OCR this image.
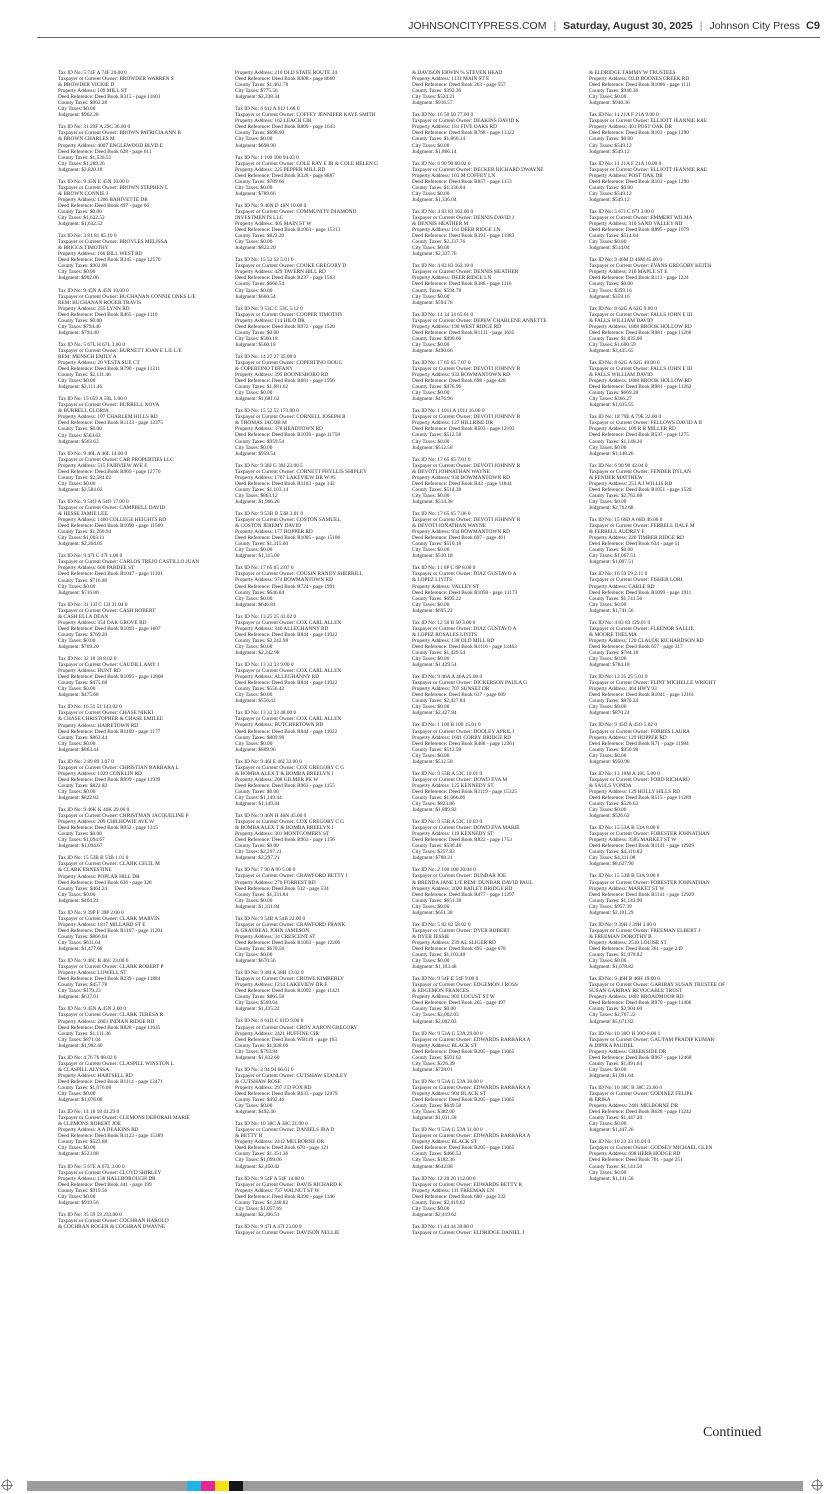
JOHNSONCITYPRESS.COM | Saturday, August 30, 2025 | Johnson City Press C9
Tax ID No: 5 74F A 74F 20.00 0
Taxpayer or Current Owner: BROWDER WARREN S
& BROWDER VICKIE D
Property Address: 109 MILL ST
Deed Reference: Deed Book R315 - page 11603
County Taxes: $962.28
City Taxes: $0.00
Judgment: $962.28
Tax ID No: 31 29F A 29C 36.00 0
Taxpayer or Current Owner: BROWN PATRICIA ANN B
& BROWN CHARLES M
Property Address: 4007 ENGLEWOOD BLVD E
Deed Reference: Deed Book 628 - page 611
County Taxes: $1,530.52
City Taxes: $1,289.26
Judgment: $2,820.18
Tax ID No: 9 45N E 45N 10.00 0
Taxpayer or Current Owner: BROWN STEPHEN L
& BROWN CONNIE J
Property Address: 1206 BAHIVETTE DR
Deed Reference: Deed Book 497 - page 66
County Taxes: $0.00
City Taxes: $1,632.52
Judgment: $1,632.52
Tax ID No: 3 81 81 85.10 0
Taxpayer or Current Owner: BROYLES MELISSA
& BRIGGS TIMOTHY
Property Address: 160 BILL WEST RD
Deed Reference: Deed Book R345 - page 12570
County Taxes: $902.06
City Taxes: $0.00
Judgment: $902.06
Tax ID No: 9 45N A 45N 10.00 0
Taxpayer or Current Owner: BUCHANAN CONNIE ONKS L/E
REM: BUCHANAN ROGER TRAVIS
Property Address: 255 LYNN RD
Deed Reference: Deed Book R465 - page 1110
County Taxes: $0.00
City Taxes: $794.40
Judgment: $794.40
Tax ID No: 5 67L H 67L 3.00 0
Taxpayer or Current Owner: BURNETT JOAN E L/E L/E
REM: MENSCH EMILY A
Property Address: 20 VESTA SUE CT
Deed Reference: Deed Book R790 - page 11311
County Taxes: $2,111.46
City Taxes: $0.00
Judgment: $2,111.46
Tax ID No: 15 059 A 59L 1.00 0
Taxpayer or Current Owner: BURRELL NOVA
& BURRELL GLORIA
Property Address: 107 CHARLEM HILLS RD
Deed Reference: Deed Book R1133 - page 12375
County Taxes: $0.00
City Taxes: $563.63
Judgment: $563.63
Tax ID No: 9 46L A 46L 14.00 0
Taxpayer or Current Owner: CAB PROPERTIES LLC
Property Address: 515 FAIRVIEW AVE E
Deed Reference: Deed Book R969 - page 12770
County Taxes: $2,584.02
City Taxes: $0.00
Judgment: $2,584.02
Tax ID No: 9 54O A 54O 17.00 0
Taxpayer or Current Owner: CAMPBELL DAVID
& HESSE JAMIE LEE
Property Address: 1400 COLLEGE HEIGHTS RD
Deed Reference: Deed Book R1090 - page 11560
County Taxes: $1,260.94
City Taxes: $1,003.11
Judgment: $2,264.05
Tax ID No: 9 47I C 47I 1.00 0
Taxpayer or Current Owner: CARLOS TREJO CASTILLO JUAN
Property Address: 600 PARDEE ST
Deed Reference: Deed Book R1047 - page 11101
County Taxes: $716.80
City Taxes: $0.00
Judgment: $716.80
Tax ID No: 31 13I C 13I 31.04 0
Taxpayer or Current Owner: CASH ROBERT
& CASH ELLA DEAN
Property Address: 354 OAK GROVE RD
Deed Reference: Deed Book R1093 - page 1607
County Taxes: $769.20
City Taxes: $0.00
Judgment: $769.20
Tax ID No: 32 18 18 8.02 0
Taxpayer or Current Owner: CAUDILL AMY J
Property Address: HUNT RD
Deed Reference: Deed Book R1095 - page 12808
County Taxes: $475.68
City Taxes: $0.00
Judgment: $475.68
Tax ID No: 16 51 51 143.02 0
Taxpayer or Current Owner: CHASE NIKKI
& CHASE CHRISTOPHER & CHASE EMILEE
Property Address: HAIRETOWN RD
Deed Reference: Deed Book R1109 - page 1177
County Taxes: $863.44
City Taxes: $0.00
Judgment: $863.44
Tax ID No: 2 89 89 3.07 0
Taxpayer or Current Owner: CHRISTIAN BARBARA L
Property Address: 1029 CONKLIN RD
Deed Reference: Deed Book R999 - page 11939
County Taxes: $822.82
City Taxes: $0.00
Judgment: $822.82
Tax ID No: 9 46K K 46K 29.00 0
Taxpayer or Current Owner: CHRISTMAN JACQUELINE P
Property Address: 209 CHILHOWIE AVE W
Deed Reference: Deed Book R952 - page 1315
County Taxes: $0.00
City Taxes: $1,094.67
Judgment: $1,094.67
Tax ID No: 15 53B B 53B 1.01 0
Taxpayer or Current Owner: CLARK CECIL M
& CLARK ERNESTINE
Property Address: POPLAR HILL DR
Deed Reference: Deed Book 636 - page 328
County Taxes: $464.24
City Taxes: $0.00
Judgment: $464.24
Tax ID No: 9 39P F 39P 2.00 0
Taxpayer or Current Owner: CLARK MARVIN
Property Address: 1817 MILLARD ST E
Deed Reference: Deed Book R1107 - page 11201
County Taxes: $866.04
City Taxes: $611.64
Judgment: $1,477.68
Tax ID No: 9 46C B 46C 23.00 0
Taxpayer or Current Owner: CLARK ROBERT P
Property Address: LOWELL ST
Deed Reference: Deed Book R239 - page 11884
County Taxes: $457.78
City Taxes: $179.23
Judgment: $637.01
Tax ID No: 9 45N A 45N 2.00 0
Taxpayer or Current Owner: CLARK TERESA R
Property Address: 2603 INDIAN RIDGE RD
Deed Reference: Deed Book R828 - page 11635
County Taxes: $1,111.36
City Taxes: $871.04
Judgment: $1,982.40
Tax ID No: 4 76 76 88.02 0
Taxpayer or Current Owner: CLASPILL WINSTON L
& CLASPILL ALYSSA
Property Address: HARTSELL RD
Deed Reference: Deed Book R1114 - page 13471
County Taxes: $1,076.08
City Taxes: $0.00
Judgment: $1,076.08
Tax ID No: 14 18 18 43.29 0
Taxpayer or Current Owner: CLEMONS DEBORAH MARIE
& CLEMONS ROBERT JOE
Property Address: A A DEAKINS RD
Deed Reference: Deed Book R1122 - page 15389
County Taxes: $523.88
City Taxes: $0.00
Judgment: $523.88
Tax ID No: 5 67E A 67L 3.00 0
Taxpayer or Current Owner: CLOYD SHIRLEY
Property Address: 138 HALLBOROUGH DR
Deed Reference: Deed Book 441 - page 199
County Taxes: $919.56
City Taxes: $0.00
Judgment: $919.56
Tax ID No: 35 59 59 233.00 0
Taxpayer or Current Owner: COCHRAN HAROLD
& COCHRAN ROGER & COCHRAN DWAYNE
Property Address: 210 OLD STATE ROUTE 34
Deed Reference: Deed Book R408 - page 8660
County Taxes: $1,462.78
City Taxes: $775.56
Judgment: $2,238.34
Tax ID No: 6 61J A 61J 1.68 0
Taxpayer or Current Owner: COFFEY JENNIFER KAYE SMITH
Property Address: 162 LEACH CIR
Deed Reference: Deed Book R809 - page 1643
County Taxes: $698.90
City Taxes: $0.00
Judgment: $698.90
Tax ID No: 1 100 100 94.03 0
Taxpayer or Current Owner: COLE RAY E JR & COLE HELEN G
Property Address: 225 PEPPER MILL RD
Deed Reference: Deed Book R328 - page 8887
County Taxes: $789.66
City Taxes: $0.00
Judgment: $789.66
Tax ID No: 9 46N D 46N 10.00 0
Taxpayer or Current Owner: COMMUNITY DIAMOND
INVESTMENTS LLC
Property Address: 405 MAIN ST W
Deed Reference: Deed Book R1063 - page 15313
County Taxes: $822.20
City Taxes: $0.00
Judgment: $822.20
Tax ID No: 15 52 52 5.01 0
Taxpayer or Current Owner: COOKE GREGORY D
Property Address: 429 TAVERN HILL RD
Deed Reference: Deed Book R237 - page 1563
County Taxes: $660.54
City Taxes: $0.00
Judgment: $660.54
Tax ID No: 9 53C C 53C 5.12 0
Taxpayer or Current Owner: COOPER TIMOTHY
Property Address: 114 HILO DR
Deed Reference: Deed Book R972 - page 1520
County Taxes: $0.00
City Taxes: $560.18
Judgment: $560.18
Tax ID No: 14 27 27 35.08 0
Taxpayer or Current Owner: COPERTINO DOUG
& COPERTINO TIFFANY
Property Address: 395 BOONESBORO RD
Deed Reference: Deed Book R681 - page 1956
County Taxes: $1,681.62
City Taxes: $0.00
Judgment: $1,681.62
Tax ID No: 15 52 52 173.00 0
Taxpayer or Current Owner: CORNELL JOSEPH R
& THOMAS JACOB M
Property Address: 378 HEADTOWN RD
Deed Reference: Deed Book R1030 - page 11758
County Taxes: $959.54
City Taxes: $0.00
Judgment: $959.54
Tax ID No: 9 38J G 38J 23.00 5
Taxpayer or Current Owner: CORNETT PHYLLIS SHIPLEY
Property Address: 1707 LAKEVIEW DR W #5
Deed Reference: Deed Book R1103 - page 142
County Taxes: $1,103.14
City Taxes: $863.12
Judgment: $1,966.26
Tax ID No: 9 53B D 53B 3.01 0
Taxpayer or Current Owner: COSTON SAMUEL
& COSTON JEREMY DAVID
Property Address: 177 HOPPER RD
Deed Reference: Deed Book R1085 - page 15106
County Taxes: $1,315.00
City Taxes: $0.00
Judgment: $1,315.00
Tax ID No: 17 65 65 2.07 0
Taxpayer or Current Owner: COUSIN RANDY SHERRILL
Property Address: 974 BOWMANTOWN RD
Deed Reference: Deed Book R724 - page 1991
County Taxes: $646.84
City Taxes: $0.00
Judgment: $646.84
Tax ID No: 13 25 25 43.02 0
Taxpayer or Current Owner: COX CARL ALLEN
Property Address: 346 ALLEGHANNY RD
Deed Reference: Deed Book R844 - page 11022
County Taxes: $2,242.98
City Taxes: $0.00
Judgment: $2,242.98
Tax ID No: 13 33 33 9.00 0
Taxpayer or Current Owner: COX CARL ALLEN
Property Address: ALLEGHANNY RD
Deed Reference: Deed Book R844 - page 11022
County Taxes: $556.42
City Taxes: $0.00
Judgment: $556.42
Tax ID No: 13 33 33 48.00 0
Taxpayer or Current Owner: COX CARL ALLEN
Property Address: BUTCHERTOWN RD
Deed Reference: Deed Book R844 - page 11022
County Taxes: $809.96
City Taxes: $0.00
Judgment: $809.96
Tax ID No: 9 46I E 46J 32.00 0
Taxpayer or Current Owner: COX GREGORY C G
& BOMBA ALEX T & BOMBA BREELYN J
Property Address: 208 GILMER PK W
Deed Reference: Deed Book R963 - page 1155
County Taxes: $0.00
City Taxes: $1,149.44
Judgment: $1,149.44
Tax ID No: 9 46N H 46N 45.00 0
Taxpayer or Current Owner: COX GREGORY C G
& BOMBA ALEX T & BOMBA BREELYN J
Property Address: 301 MONTGOMERY ST
Deed Reference: Deed Book R963 - page 1156
County Taxes: $0.00
City Taxes: $2,297.21
Judgment: $2,297.21
Tax ID No: 7 90 A 90 5.00 0
Taxpayer or Current Owner: CRAWFORD BETTY J
Property Address: 270 FORREST RD
Deed Reference: Deed Book 532 - page 534
County Taxes: $1,331.84
City Taxes: $0.00
Judgment: $1,331.84
Tax ID No: 9 54B A 54B 22.00 0
Taxpayer or Current Owner: CRAWFORD FRANK
& GRAYBEAL JOHN JAMESON
Property Address: 34 CRESCENT ST
Deed Reference: Deed Book R1063 - page 12206
County Taxes: $670.56
City Taxes: $0.00
Judgment: $670.56
Tax ID No: 9 38I A 38H 13.02 0
Taxpayer or Current Owner: CROWE KIMBERLY
Property Address: 1214 LAKEVIEW DR E
Deed Reference: Deed Book R1092 - page 11421
County Taxes: $865.58
City Taxes: $569.64
Judgment: $1,435.22
Tax ID No: 6 61D C 61D 9.00 0
Taxpayer or Current Owner: CROY AARON GREGORY
Property Address: 2421 HUFFINE CIR
Deed Reference: Deed Book WB119 - page 103
County Taxes: $1,038.66
City Taxes: $793.94
Judgment: $1,832.60
Tax ID No: 2 94 94 66.01 0
Taxpayer or Current Owner: CUTSHAW STANLEY
& CUTSHAW ROSE
Property Address: 297 J D FOX RD
Deed Reference: Deed Book R633 - page 12079
County Taxes: $492.46
City Taxes: $0.00
Judgment: $492.46
Tax ID No: 10 38C A 38C 21.00 0
Taxpayer or Current Owner: DANIELS IRA D
& BETTY H
Property Address: 2412 MELBORNE DR
Deed Reference: Deed Book 670 - page 121
County Taxes: $1,351.36
City Taxes: $1,099.06
Judgment: $2,450.42
Tax ID No: 9 54F A 54F 14.00 0
Taxpayer or Current Owner: DAVIS RICHARD K
Property Address: 737 WALNUT ST W
Deed Reference: Deed Book R390 - page 1146
County Taxes: $1,248.82
City Taxes: $1,057.69
Judgment: $2,306.51
Tax ID No: 9 47I A 47I 23.00 0
Taxpayer or Current Owner: DAVISON NELLIE
& DAVISON ERWIN % STEVEN HEAD
Property Address: 1131 MAIN ST E
Deed Reference: Deed Book 263 - page 557
County Taxes: $392.36
City Taxes: $524.21
Judgment: $916.57
Tax ID No: 16 50 50 77.00 0
Taxpayer or Current Owner: DEAKINS DAVID K
Property Address: 181 FIVE OAKS RD
Deed Reference: Deed Book R768 - page 11322
County Taxes: $1,866.14
City Taxes: $0.00
Judgment: $1,866.14
Tax ID No: 6 90 90 60.02 0
Taxpayer or Current Owner: DECKER RICHARD DWAYNE
Property Address: 103 M COFFEY LN
Deed Reference: Deed Book R857 - page 1153
County Taxes: $1,336.04
City Taxes: $0.00
Judgment: $1,336.04
Tax ID No: 4 83 83 162.00 0
Taxpayer or Current Owner: DENNIS DAVID J
& DENNIS HEATHER M
Property Address: 161 DEER RIDGE LN
Deed Reference: Deed Book R391 - page 11983
County Taxes: $2,337.76
City Taxes: $0.00
Judgment: $2,337.76
Tax ID No: 4 83 83 162.10 0
Taxpayer or Current Owner: DENNIS HEATHER
Property Address: DEER RIDGE LN
Deed Reference: Deed Book R388 - page 1116
County Taxes: $594.78
City Taxes: $0.00
Judgment: $594.78
Tax ID No: 14 34 34 65.01 0
Taxpayer or Current Owner: DEPEW CHARLENE ANNETTE
Property Address: 190 WEST RIDGE RD
Deed Reference: Deed Book R1131 - page 1635
County Taxes: $490.66
City Taxes: $0.00
Judgment: $490.66
Tax ID No: 17 65 65 7.07 0
Taxpayer or Current Owner: DEVOTI JOHNNY R
Property Address: 932 BOWMANTOWN RD
Deed Reference: Deed Book 698 - page 428
County Taxes: $476.96
City Taxes: $0.00
Judgment: $476.96
Tax ID No: 1 101J A 101J 16.00 0
Taxpayer or Current Owner: DEVOTI JOHNNY R
Property Address: 127 HILLRISE DR
Deed Reference: Deed Book R503 - page 12193
County Taxes: $512.58
City Taxes: $0.00
Judgment: $512.58
Tax ID No: 17 65 65 7.01 0
Taxpayer or Current Owner: DEVOTI JOHNNY R
& DEVOTI JOHNATHAN WAYNE
Property Address: 930 BOWMANTOWN RD
Deed Reference: Deed Book R42 - page 11844
County Taxes: $514.38
City Taxes: $0.00
Judgment: $514.38
Tax ID No: 17 65 65 7.06 0
Taxpayer or Current Owner: DEVOTI JOHNNY R
& DEVOTI JONATHAN WAYNE
Property Address: 934 BOWMANTOWN RD
Deed Reference: Deed Book 697 - page 461
County Taxes: $510.18
City Taxes: $0.00
Judgment: $510.18
Tax ID No: 11 6P C 6P 8.00 0
Taxpayer or Current Owner: DIAZ GUSTAVO A
& LOPEZ LIYITS
Property Address: VALLEY ST
Deed Reference: Deed Book R1058 - page 13173
County Taxes: $695.22
City Taxes: $0.00
Judgment: $695.22
Tax ID No: 12 50 B 50 3.00 0
Taxpayer or Current Owner: DIAZ GUSTAVO A
& LOPEZ ROSALES LIYITS
Property Address: 138 OLD MILL RD
Deed Reference: Deed Book R1116 - page 13463
County Taxes: $1,429.54
City Taxes: $0.00
Judgment: $1,429.54
Tax ID No: 9 46A A 46A 25.00 0
Taxpayer or Current Owner: DICKERSON PAULA G
Property Address: 707 SUNSET DR
Deed Reference: Deed Book 637 - page 609
County Taxes: $2,427.84
City Taxes: $0.00
Judgment: $2,427.84
Tax ID No: 1 100 B 100 15.01 0
Taxpayer or Current Owner: DOOLEY APRIL J
Property Address: 1601 CORBY BRIDGE RD
Deed Reference: Deed Book R488 - page 12361
County Taxes: $512.58
City Taxes: $0.00
Judgment: $512.58
Tax ID No: 9 53B A 53C 10.01 0
Taxpayer or Current Owner: DOWD EVA M
Property Address: 125 KENNEDY ST
Deed Reference: Deed Book R1119 - page 15325
County Taxes: $1,066.06
City Taxes: $823.86
Judgment: $1,889.92
Tax ID No: 9 53B A 53C 10.03 0
Taxpayer or Current Owner: DOWD EVA MARIE
Property Address: 119 KENNEDY ST
Deed Reference: Deed Book R822 - page 1753
County Taxes: $530.48
City Taxes: $257.83
Judgment: $788.31
Tax ID No: 2 100 100 20.04 0
Taxpayer or Current Owner: DUNBAR JOE
& BRENDA JANE L/E REM: DUNBAR DAVID PAUL
Property Address: 2020 BAILEY BRIDGE RD
Deed Reference: Deed Book R477 - page 11297
County Taxes: $651.38
City Taxes: $0.00
Judgment: $651.38
Tax ID No: 5 82 82 58.02 0
Taxpayer or Current Owner: DYER ROBERT
& DYER JESSIE
Property Address: 239 AL SLIGER RD
Deed Reference: Deed Book 495 - page 678
County Taxes: $1,103.48
City Taxes: $0.00
Judgment: $1,103.48
Tax ID No: 9 54F E 54F 9.00 0
Taxpayer or Current Owner: EDGEMON J ROSS
& EDGEMON FRANCES
Property Address: 803 LOCUST ST W
Deed Reference: Deed Book 265 - page 497
County Taxes: $0.00
City Taxes: $2,002.03
Judgment: $2,002.03
Tax ID No: 9 53A G 53A 29.00 0
Taxpayer or Current Owner: EDWARDS BARBARA A
Property Address: BLACK ST
Deed Reference: Deed Book R205 - page 11065
County Taxes: $501.62
City Taxes: $226.39
Judgment: $728.01
Tax ID No: 9 53A G 53A 30.00 0
Taxpayer or Current Owner: EDWARDS BARBARA A
Property Address: 904 BLACK ST
Deed Reference: Deed Book R205 - page 11065
County Taxes: $649.58
City Taxes: $382.00
Judgment: $1,031.58
Tax ID No: 9 53A G 53A 31.00 0
Taxpayer or Current Owner: EDWARDS BARBARA A
Property Address: BLACK ST
Deed Reference: Deed Book R205 - page 11065
County Taxes: $460.52
City Taxes: $182.36
Judgment: $642.88
Tax ID No: 12 20 20 112.00 0
Taxpayer or Current Owner: EDWARDS BETTY R
Property Address: 111 FREEMAN LN
Deed Reference: Deed Book 680 - page 332
County Taxes: $2,419.62
City Taxes: $0.00
Judgment: $2,419.62
Tax ID No: 11 44 44 30.00 0
Taxpayer or Current Owner: ELDRIDGE DANIEL J
& ELDRIDGE TAMMY W TRUSTEES
Property Address: OLD BOONES CREEK RD
Deed Reference: Deed Book R1086 - page 1111
County Taxes: $940.36
City Taxes: $0.00
Judgment: $940.36
Tax ID No: 11 21A F 21A 9.00 0
Taxpayer or Current Owner: ELLIOTT JEANNIE RAE
Property Address: 401 POST OAK DR
Deed Reference: Deed Book R103 - page 1290
County Taxes: $0.00
City Taxes: $549.12
Judgment: $549.12
Tax ID No: 11 21A F 21A 10.00 0
Taxpayer or Current Owner: ELLIOTT JEANNIE RAE
Property Address: POST OAK DR
Deed Reference: Deed Book R103 - page 1290
County Taxes: $0.00
City Taxes: $549.12
Judgment: $549.12
Tax ID No: 5 67J C 67J 3.00 0
Taxpayer or Current Owner: EMMERT WILMA
Property Address: 310 SAND VALLEY RD
Deed Reference: Deed Book R895 - page 1979
County Taxes: $514.04
City Taxes: $0.00
Judgment: $514.04
Tax ID No: 9 46M D 46M 45.00 0
Taxpayer or Current Owner: EVANS GREGORY KEITH
Property Address: 216 MAPLE ST E
Deed Reference: Deed Book R113 - page 1224
County Taxes: $0.00
City Taxes: $359.16
Judgment: $359.16
Tax ID No: 8 62G A 62G 9.00 0
Taxpayer or Current Owner: FALLS JOHN E III
& FALLS WILLIAM DAVID
Property Address: 1808 BROOK HOLLOW RD
Deed Reference: Deed Book R981 - page 11266
County Taxes: $1,835.06
City Taxes: $1,600.59
Judgment: $3,435.65
Tax ID No: 8 62G A 62G 40.00 0
Taxpayer or Current Owner: FALLS JOHN E III
& FALLS WILLIAM DAVID
Property Address: 1808 BROOK HOLLOW RD
Deed Reference: Deed Book R981 - page 11262
County Taxes: $669.28
City Taxes: $366.27
Judgment: $1,035.55
Tax ID No: 18 79E A 79E 22.00 0
Taxpayer or Current Owner: FELLOWS DAVID A II
Property Address: 109 R B MILLER RD
Deed Reference: Deed Book R537 - page 1275
County Taxes: $1,148.26
City Taxes: $0.00
Judgment: $1,148.26
Tax ID No: 6 90 90 42.04 0
Taxpayer or Current Owner: FENDER DYLAN
& FENDER MATTHEW
Property Address: 253 A J WILLIS RD
Deed Reference: Deed Book R1051 - page 1520
County Taxes: $2,762.68
City Taxes: $0.00
Judgment: $2,762.68
Tax ID No: 15 66D A 66D 46.00 0
Taxpayer or Current Owner: FERRELL DALE M
& FERRELL AUDREY F
Property Address: 220 TIMBER RIDGE RD
Deed Reference: Deed Book 634 - page 51
County Taxes: $0.00
City Taxes: $1,007.51
Judgment: $1,007.51
Tax ID No: 16 59 59 2.11 0
Taxpayer or Current Owner: FISHER LORI
Property Address: CABLE RD
Deed Reference: Deed Book R1099 - page 1911
County Taxes: $1,741.56
City Taxes: $0.00
Judgment: $1,741.56
Tax ID No: 4 83 83 129.01 0
Taxpayer or Current Owner: FLEENOR SALLIE
& MOORE THELMA
Property Address: 120 CLAUDE RICHARDSON RD
Deed Reference: Deed Book 657 - page 317
County Taxes: $784.18
City Taxes: $0.00
Judgment: $784.18
Tax ID No: 13 25 25 5.01 0
Taxpayer or Current Owner: FLINT MICHELLE WRIGHT
Property Address: 464 HWY 93
Deed Reference: Deed Book R1041 - page 12161
County Taxes: $870.24
City Taxes: $0.00
Judgment: $870.24
Tax ID No: 9 45O A 45O 5.02 0
Taxpayer or Current Owner: FORBES LAURA
Property Address: 129 HOPPER RD
Deed Reference: Deed Book R71 - page 11984
County Taxes: $950.98
City Taxes: $0.00
Judgment: $950.98
Tax ID No: 13 10M A 10L 5.00 0
Taxpayer or Current Owner: FORD RICHARD
& SAULS VONDA
Property Address: 129 HOLLY HILLS RD
Deed Reference: Deed Book R515 - page 11289
County Taxes: $526.62
City Taxes: $0.00
Judgment: $526.62
Tax ID No: 15 53A B 53A 8.00 0
Taxpayer or Current Owner: FORESTER JOHNATHAN
Property Address: 3585 MARKET ST W
Deed Reference: Deed Book R1141 - page 12929
County Taxes: $4,316.82
City Taxes: $4,311.08
Judgment: $8,627.90
Tax ID No: 15 53B B 53A 9.00 0
Taxpayer or Current Owner: FORESTER JOHNATHAN
Property Address: MARKET ST W
Deed Reference: Deed Book R1141 - page 12929
County Taxes: $1,143.90
City Taxes: $957.39
Judgment: $2,101.29
Tax ID No: 9 39H J 39H 3.00 0
Taxpayer or Current Owner: FREEMAN ELBERT J
& FREEMAN DOROTHY B
Property Address: 2510 LOUISE ST
Deed Reference: Deed Book 361 - page 249
County Taxes: $1,078.82
City Taxes: $0.00
Judgment: $1,078.82
Tax ID No: 9 46H B 46H 19.00 0
Taxpayer or Current Owner: GARIBAY SUSAN TRUSTEE OF
SUSAN GARIBAY REVOCABLE TRUST
Property Address: 1802 BROADMOOR RD
Deed Reference: Deed Book R970 - page 11406
County Taxes: $2,904.60
City Taxes: $2,767.22
Judgment: $5,671.82
Tax ID No: 10 30O H 30O 8.00 1
Taxpayer or Current Owner: GAUTAM PRADIP KUMAR
& DIPIKA PAUDEL
Property Address: CREEKSIDE DR
Deed Reference: Deed Book R967 - page 12468
County Taxes: $1,091.64
City Taxes: $0.00
Judgment: $1,091.64
Tax ID No: 10 38C B 38C 23.00 0
Taxpayer or Current Owner: GODINEZ FELIPE
& ERIKA
Property Address: 2401 MELBORNE DR
Deed Reference: Deed Book R628 - page 11242
County Taxes: $1,447.26
City Taxes: $0.00
Judgment: $1,447.26
Tax ID No: 10 23 23 16.04 0
Taxpayer or Current Owner: GODSEY MICHAEL GLEN
Property Address: 698 HERB HODGE RD
Deed Reference: Deed Book 701 - page 251
County Taxes: $1,141.50
City Taxes: $0.00
Judgment: $1,141.50
Continued
